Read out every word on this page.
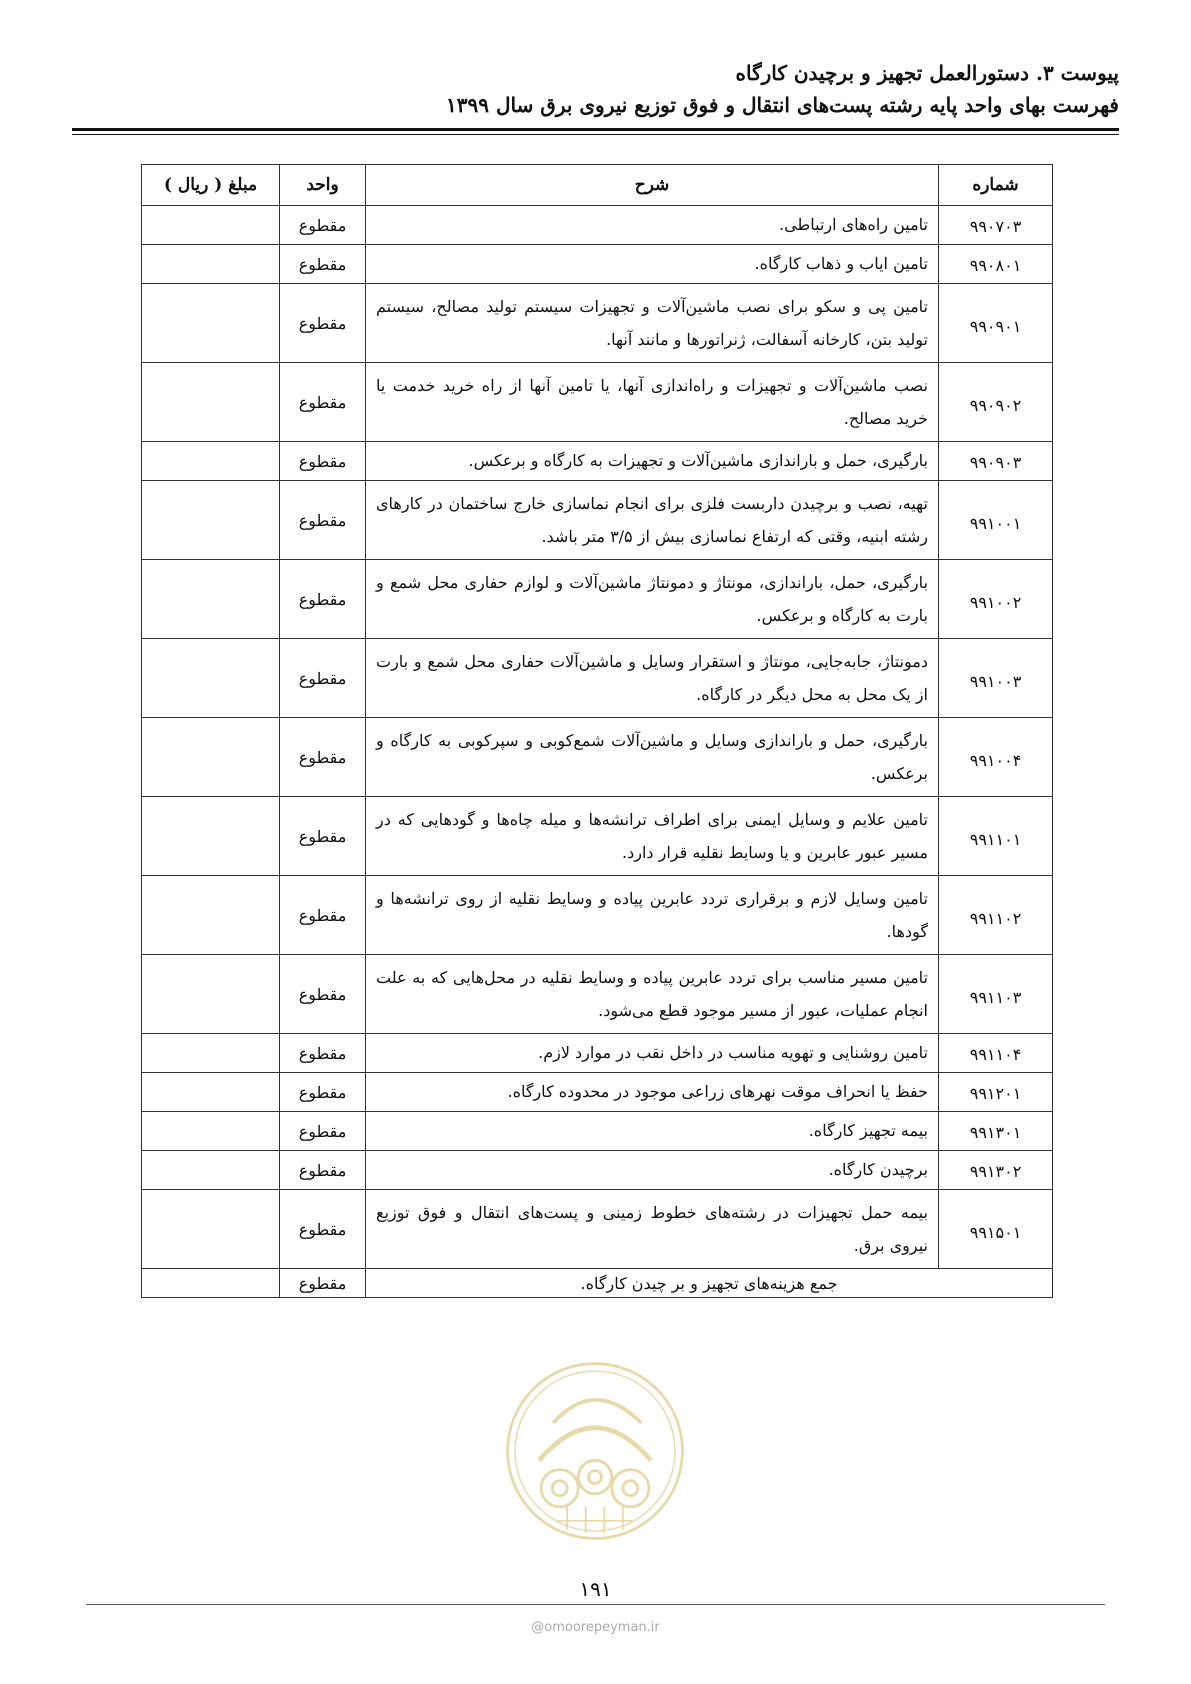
پیوست ۳. دستورالعمل تجهیز و برچیدن کارگاه
فهرست بهای واحد پایه رشته پست‌های انتقال و فوق توزیع نیروی برق سال ۱۳۹۹
شماره	شرح	واحد	مبلغ ( ریال )
۹۹۰۷۰۳	تامین راه‌های ارتباطی.	مقطوع	
۹۹۰۸۰۱	تامین ایاب و ذهاب کارگاه.	مقطوع	
۹۹۰۹۰۱	تامین پی و سکو برای نصب ماشین‌آلات و تجهیزات سیستم تولید مصالح، سیستم تولید بتن، کارخانه آسفالت، ژنراتورها و مانند آنها.	مقطوع	
۹۹۰۹۰۲	نصب ماشین‌آلات و تجهیزات و راه‌اندازی آنها، یا تامین آنها از راه خرید خدمت یا خرید مصالح.	مقطوع	
۹۹۰۹۰۳	بارگیری، حمل و باراندازی ماشین‌آلات و تجهیزات به کارگاه و برعکس.	مقطوع	
۹۹۱۰۰۱	تهیه، نصب و برچیدن داربست فلزی برای انجام نماسازی خارج ساختمان در کارهای رشته ابنیه، وقتی که ارتفاع نماسازی بیش از ۳/۵ متر باشد.	مقطوع	
۹۹۱۰۰۲	بارگیری، حمل، باراندازی، مونتاژ و دمونتاژ ماشین‌آلات و لوازم حفاری محل شمع و بارت به کارگاه و برعکس.	مقطوع	
۹۹۱۰۰۳	دمونتاژ، جابه‌جایی، مونتاژ و استقرار وسایل و ماشین‌آلات حفاری محل شمع و بارت از یک محل به محل دیگر در کارگاه.	مقطوع	
۹۹۱۰۰۴	بارگیری، حمل و باراندازی وسایل و ماشین‌آلات شمع‌کوبی و سپرکوبی به کارگاه و برعکس.	مقطوع	
۹۹۱۱۰۱	تامین علایم و وسایل ایمنی برای اطراف ترانشه‌ها و میله چاه‌ها و گودهایی که در مسیر عبور عابرین و یا وسایط نقلیه قرار دارد.	مقطوع	
۹۹۱۱۰۲	تامین وسایل لازم و برقراری تردد عابرین پیاده و وسایط نقلیه از روی ترانشه‌ها و گودها.	مقطوع	
۹۹۱۱۰۳	تامین مسیر مناسب برای تردد عابرین پیاده و وسایط نقلیه در محل‌هایی که به علت انجام عملیات، عبور از مسیر موجود قطع می‌شود.	مقطوع	
۹۹۱۱۰۴	تامین روشنایی و تهویه مناسب در داخل نقب در موارد لازم.	مقطوع	
۹۹۱۲۰۱	حفظ یا انحراف موقت نهرهای زراعی موجود در محدوده کارگاه.	مقطوع	
۹۹۱۳۰۱	بیمه تجهیز کارگاه.	مقطوع	
۹۹۱۳۰۲	برچیدن کارگاه.	مقطوع	
۹۹۱۵۰۱	بیمه حمل تجهیزات در رشته‌های خطوط زمینی و پست‌های انتقال و فوق توزیع نیروی برق.	مقطوع	
جمع هزینه‌های تجهیز و بر چیدن کارگاه.		مقطوع	
۱۹۱
@omoorepeyman.ir
